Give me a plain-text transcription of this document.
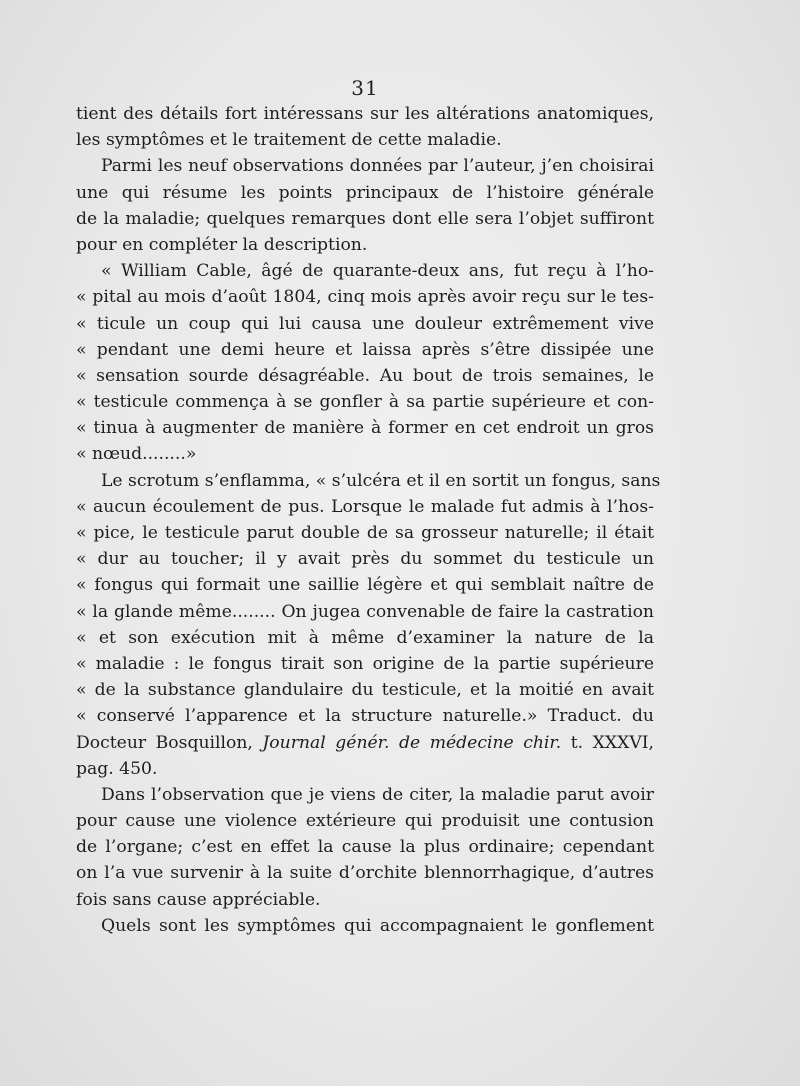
31
tient des détails fort intéressans sur les altérations anatomiques,
les symptômes et le traitement de cette maladie.
Parmi les neuf observations données par l’auteur, j’en choisirai
une qui résume les points principaux de l’histoire générale
de la maladie; quelques remarques dont elle sera l’objet suffiront
pour en compléter la description.
« William Cable, âgé de quarante-deux ans, fut reçu à l’ho-
« pital au mois d’août 1804, cinq mois après avoir reçu sur le tes-
« ticule un coup qui lui causa une douleur extrêmement vive
« pendant une demi heure et laissa après s’être dissipée une
« sensation sourde désagréable. Au bout de trois semaines, le
« testicule commença à se gonfler à sa partie supérieure et con-
« tinua à augmenter de manière à former en cet endroit un gros
« nœud........»
Le scrotum s’enflamma, « s’ulcéra et il en sortit un fongus, sans
« aucun écoulement de pus. Lorsque le malade fut admis à l’hos-
« pice, le testicule parut double de sa grosseur naturelle; il était
« dur au toucher; il y avait près du sommet du testicule un
« fongus qui formait une saillie légère et qui semblait naître de
« la glande même........ On jugea convenable de faire la castration
« et son exécution mit à même d’examiner la nature de la
« maladie : le fongus tirait son origine de la partie supérieure
« de la substance glandulaire du testicule, et la moitié en avait
« conservé l’apparence et la structure naturelle.» Traduct. du
Docteur Bosquillon, Journal génér. de médecine chir. t. XXXVI,
pag. 450.
Dans l’observation que je viens de citer, la maladie parut avoir
pour cause une violence extérieure qui produisit une contusion
de l’organe; c’est en effet la cause la plus ordinaire; cependant
on l’a vue survenir à la suite d’orchite blennorrhagique, d’autres
fois sans cause appréciable.
Quels sont les symptômes qui accompagnaient le gonflement
